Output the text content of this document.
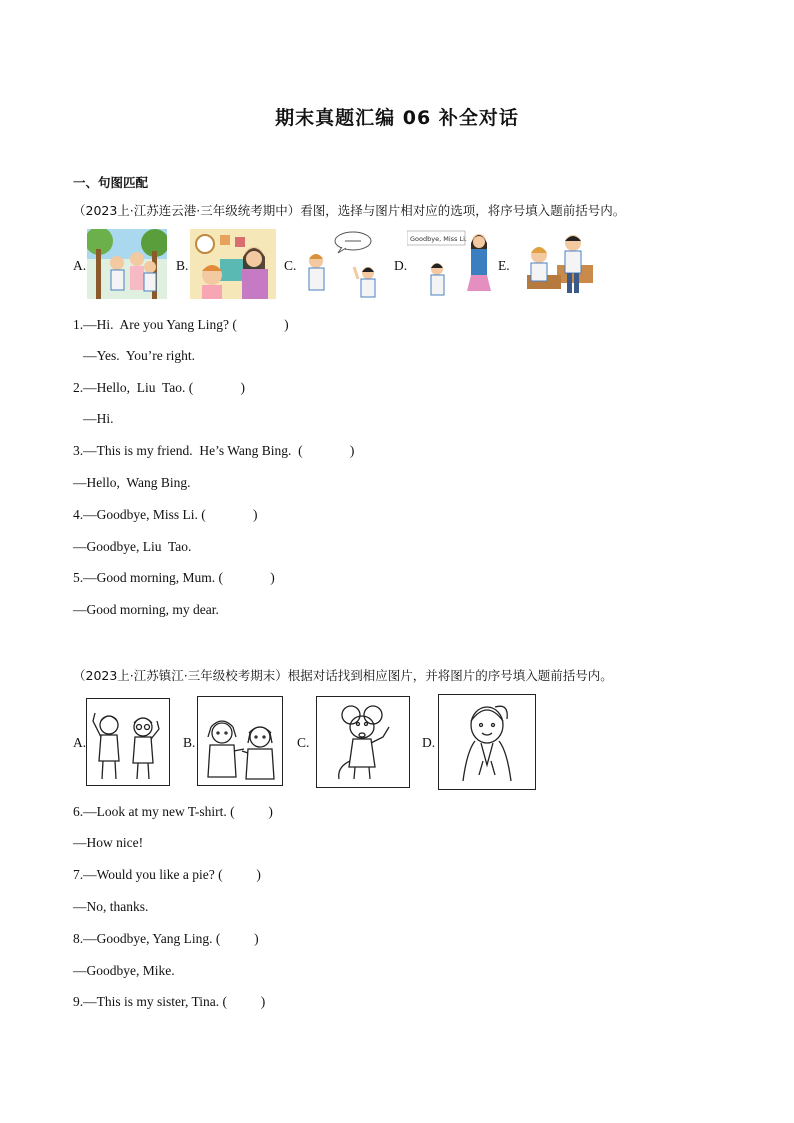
期末真题汇编 06 补全对话
一、句图匹配
（2023上·江苏连云港·三年级统考期中）看图，选择与图片相对应的选项，将序号填入题前括号内。
A.	B.	C.	D.
Goodbye, Miss Li.
E.
1.—Hi.  Are you Yang Ling? (              )
—Yes.  You’re right.
2.—Hello,  Liu  Tao. (              )
—Hi.
3.—This is my friend.  He’s Wang Bing.  (              )
—Hello,  Wang Bing.
4.—Goodbye, Miss Li. (              )
—Goodbye, Liu  Tao.
5.—Good morning, Mum. (              )
—Good morning, my dear.
（2023上·江苏镇江·三年级校考期末）根据对话找到相应图片，并将图片的序号填入题前括号内。
A.	B.	C.	D.
6.—Look at my new T-shirt. (          )
—How nice!
7.—Would you like a pie? (          )
—No, thanks.
8.—Goodbye, Yang Ling. (          )
—Goodbye, Mike.
9.—This is my sister, Tina. (          )
